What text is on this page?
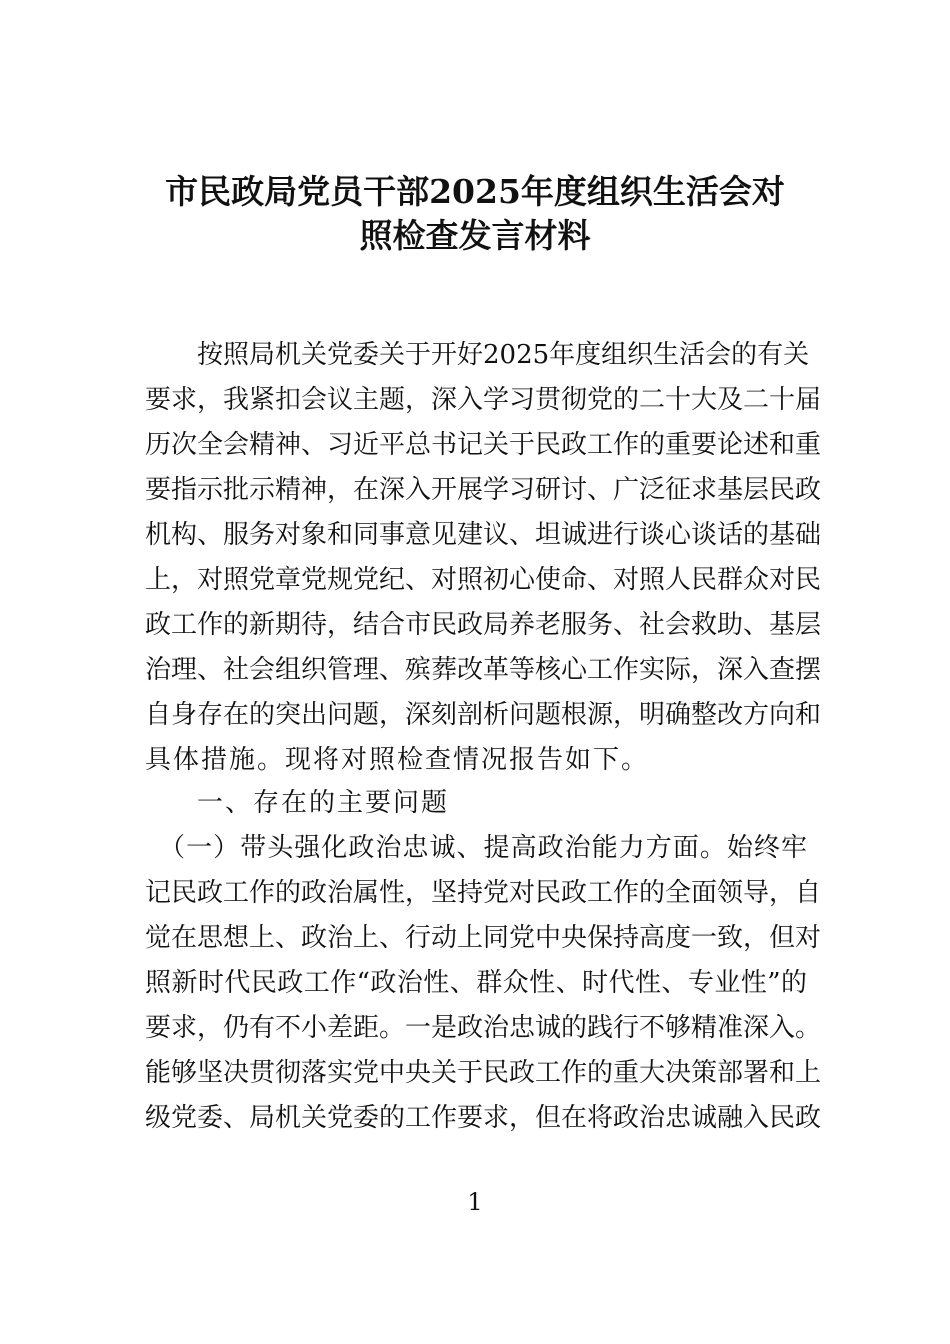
市民政局党员干部2025年度组织生活会对
照检查发言材料
　　按照局机关党委关于开好2025年度组织生活会的有关
要求，我紧扣会议主题，深入学习贯彻党的二十大及二十届
历次全会精神、习近平总书记关于民政工作的重要论述和重
要指示批示精神，在深入开展学习研讨、广泛征求基层民政
机构、服务对象和同事意见建议、坦诚进行谈心谈话的基础
上，对照党章党规党纪、对照初心使命、对照人民群众对民
政工作的新期待，结合市民政局养老服务、社会救助、基层
治理、社会组织管理、殡葬改革等核心工作实际，深入查摆
自身存在的突出问题，深刻剖析问题根源，明确整改方向和
具体措施。现将对照检查情况报告如下。
一、存在的主要问题
　（一）带头强化政治忠诚、提高政治能力方面。始终牢
记民政工作的政治属性，坚持党对民政工作的全面领导，自
觉在思想上、政治上、行动上同党中央保持高度一致，但对
照新时代民政工作“政治性、群众性、时代性、专业性”的
要求，仍有不小差距。一是政治忠诚的践行不够精准深入。
能够坚决贯彻落实党中央关于民政工作的重大决策部署和上
级党委、局机关党委的工作要求，但在将政治忠诚融入民政
1
